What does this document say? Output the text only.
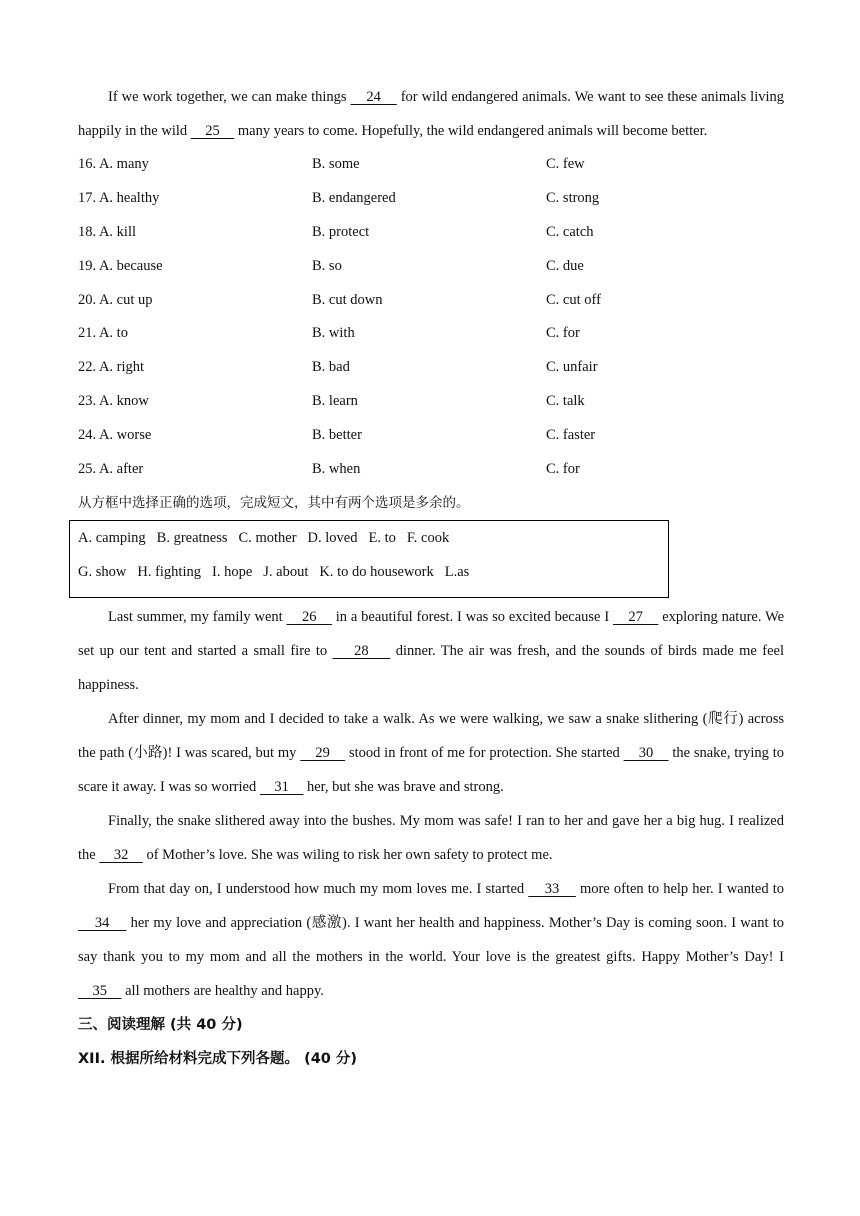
If we work together, we can make things     24     for wild endangered animals. We want to see these animals living happily in the wild     25     many years to come. Hopefully, the wild endangered animals will become better.

16. A. many	B. some	C. few
17. A. healthy	B. endangered	C. strong
18. A. kill	B. protect	C. catch
19. A. because	B. so	C. due
20. A. cut up	B. cut down	C. cut off
21. A. to	B. with	C. for
22. A. right	B. bad	C. unfair
23. A. know	B. learn	C. talk
24. A. worse	B. better	C. faster
25. A. after	B. when	C. for
从方框中选择正确的选项，完成短文，其中有两个选项是多余的。
A. camping B. greatness C. mother D. loved E. to F. cook
G. show H. fighting I. hope J. about K. to do housework L.as

Last summer, my family went     26     in a beautiful forest. I was so excited because I     27     exploring nature. We set up our tent and started a small fire to     28     dinner. The air was fresh, and the sounds of birds made me feel happiness.

After dinner, my mom and I decided to take a walk. As we were walking, we saw a snake slithering (爬行) across the path (小路)! I was scared, but my     29     stood in front of me for protection. She started     30     the snake, trying to scare it away. I was so worried     31     her, but she was brave and strong.

Finally, the snake slithered away into the bushes. My mom was safe! I ran to her and gave her a big hug. I realized the     32     of Mother’s love. She was wiling to risk her own safety to protect me.

From that day on, I understood how much my mom loves me. I started     33     more often to help her. I wanted to     34     her my love and appreciation (感激). I want her health and happiness. Mother’s Day is coming soon. I want to say thank you to my mom and all the mothers in the world. Your love is the greatest gifts. Happy Mother’s Day! I     35     all mothers are healthy and happy.

三、阅读理解 (共 40 分)
XII. 根据所给材料完成下列各题。 (40 分)
